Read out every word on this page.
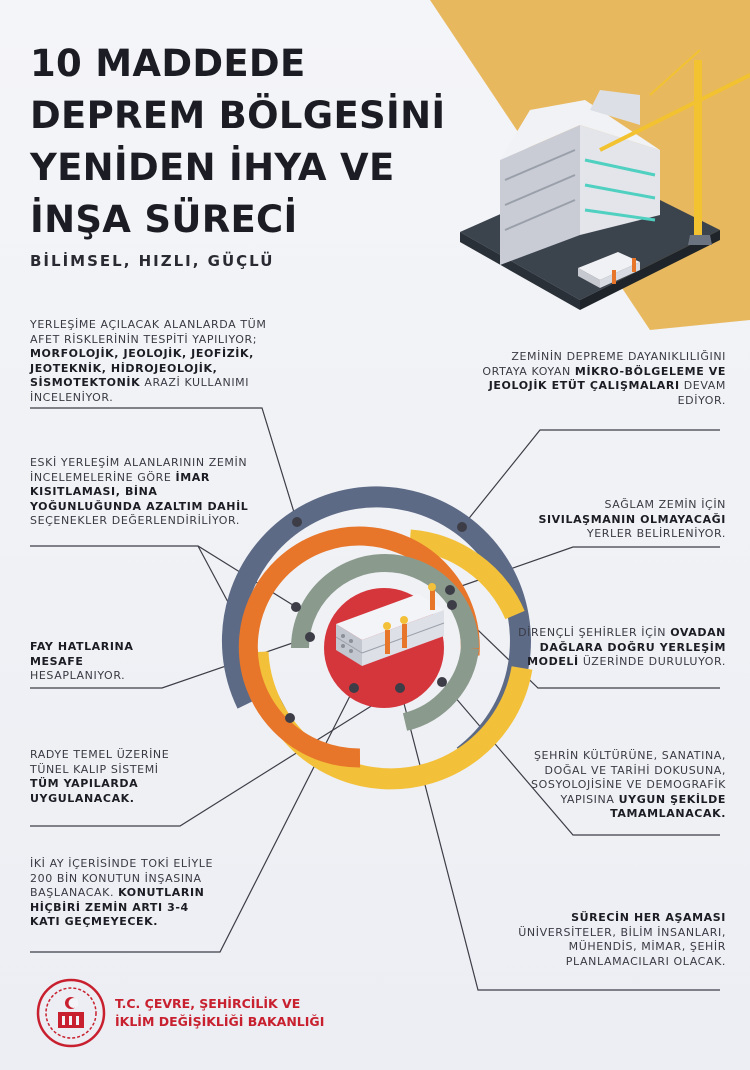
10 MADDEDE
DEPREM BÖLGESİNİ
YENİDEN İHYA VE
İNŞA SÜRECİ
BİLİMSEL, HIZLI, GÜÇLÜ
YERLEŞİME AÇILACAK ALANLARDA TÜM AFET RİSKLERİNİN TESPİTİ YAPILIYOR; MORFOLOJİK, JEOLOJİK, JEOFİZİK, JEOTEKNİK, HİDROJEOLOJİK, SİSMOTEKTONİK ARAZİ KULLANIMI İNCELENİYOR.
ESKİ YERLEŞİM ALANLARININ ZEMİN İNCELEMELERİNE GÖRE İMAR KISITLAMASI, BİNA YOĞUNLUĞUNDA AZALTIM DAHİL SEÇENEKLER DEĞERLENDİRİLİYOR.
FAY HATLARINA MESAFE HESAPLANIYOR.
RADYE TEMEL ÜZERİNE TÜNEL KALIP SİSTEMİ TÜM YAPILARDA UYGULANACAK.
İKİ AY İÇERİSİNDE TOKİ ELİYLE 200 BİN KONUTUN İNŞASINA BAŞLANACAK. KONUTLARIN HİÇBİRİ ZEMİN ARTI 3-4 KATI GEÇMEYECEK.
ZEMİNİN DEPREME DAYANIKLILIĞINI ORTAYA KOYAN MİKRO-BÖLGELEME VE JEOLOJİK ETÜT ÇALIŞMALARI DEVAM EDİYOR.
SAĞLAM ZEMİN İÇİN SIVILAŞMANIN OLMAYACAĞI YERLER BELİRLENİYOR.
DİRENÇLİ ŞEHİRLER İÇİN OVADAN DAĞLARA DOĞRU YERLEŞİM MODELİ ÜZERİNDE DURULUYOR.
ŞEHRİN KÜLTÜRÜNE, SANATINA, DOĞAL VE TARİHİ DOKUSUNA, SOSYOLOJİSİNE VE DEMOGRAFİK YAPISINA UYGUN ŞEKİLDE TAMAMLANACAK.
SÜRECİN HER AŞAMASI ÜNİVERSİTELER, BİLİM İNSANLARI, MÜHENDİS, MİMAR, ŞEHİR PLANLAMACILARI OLACAK.
T.C. ÇEVRE, ŞEHİRCİLİK VE
İKLİM DEĞİŞİKLİĞİ BAKANLIĞI
